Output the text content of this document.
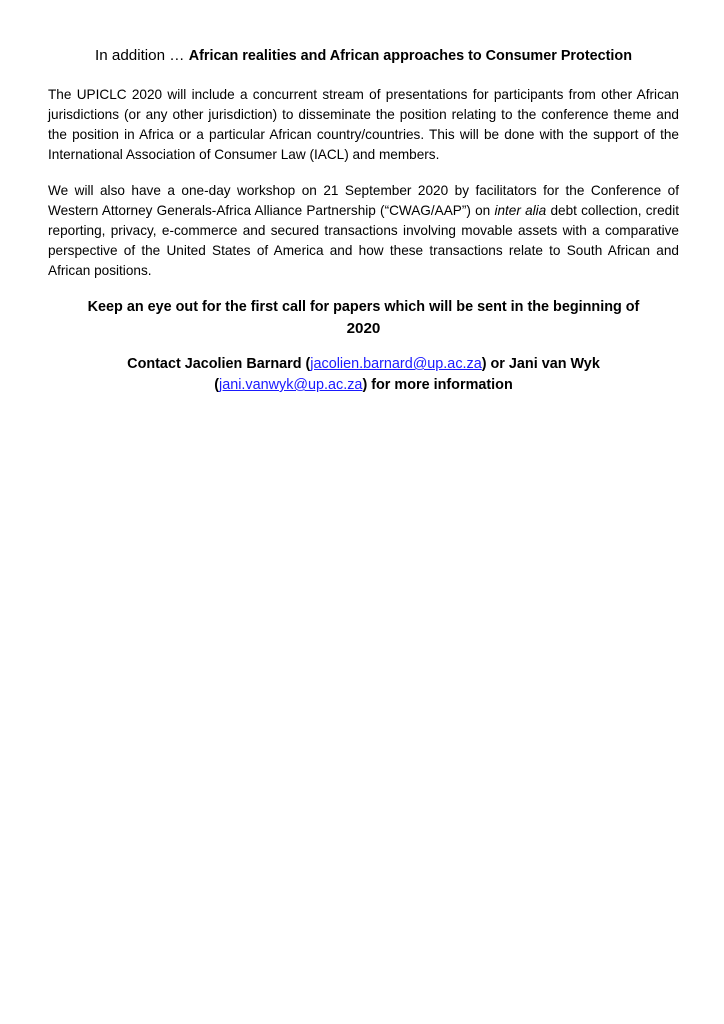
In addition … African realities and African approaches to Consumer Protection

The UPICLC 2020 will include a concurrent stream of presentations for participants from other African jurisdictions (or any other jurisdiction) to disseminate the position relating to the conference theme and the position in Africa or a particular African country/countries. This will be done with the support of the International Association of Consumer Law (IACL) and members.

We will also have a one-day workshop on 21 September 2020 by facilitators for the Conference of Western Attorney Generals-Africa Alliance Partnership (“CWAG/AAP”) on inter alia debt collection, credit reporting, privacy, e-commerce and secured transactions involving movable assets with a comparative perspective of the United States of America and how these transactions relate to South African and African positions.

Keep an eye out for the first call for papers which will be sent in the beginning of
2020
Contact Jacolien Barnard (jacolien.barnard@up.ac.za) or Jani van Wyk
(jani.vanwyk@up.ac.za) for more information
